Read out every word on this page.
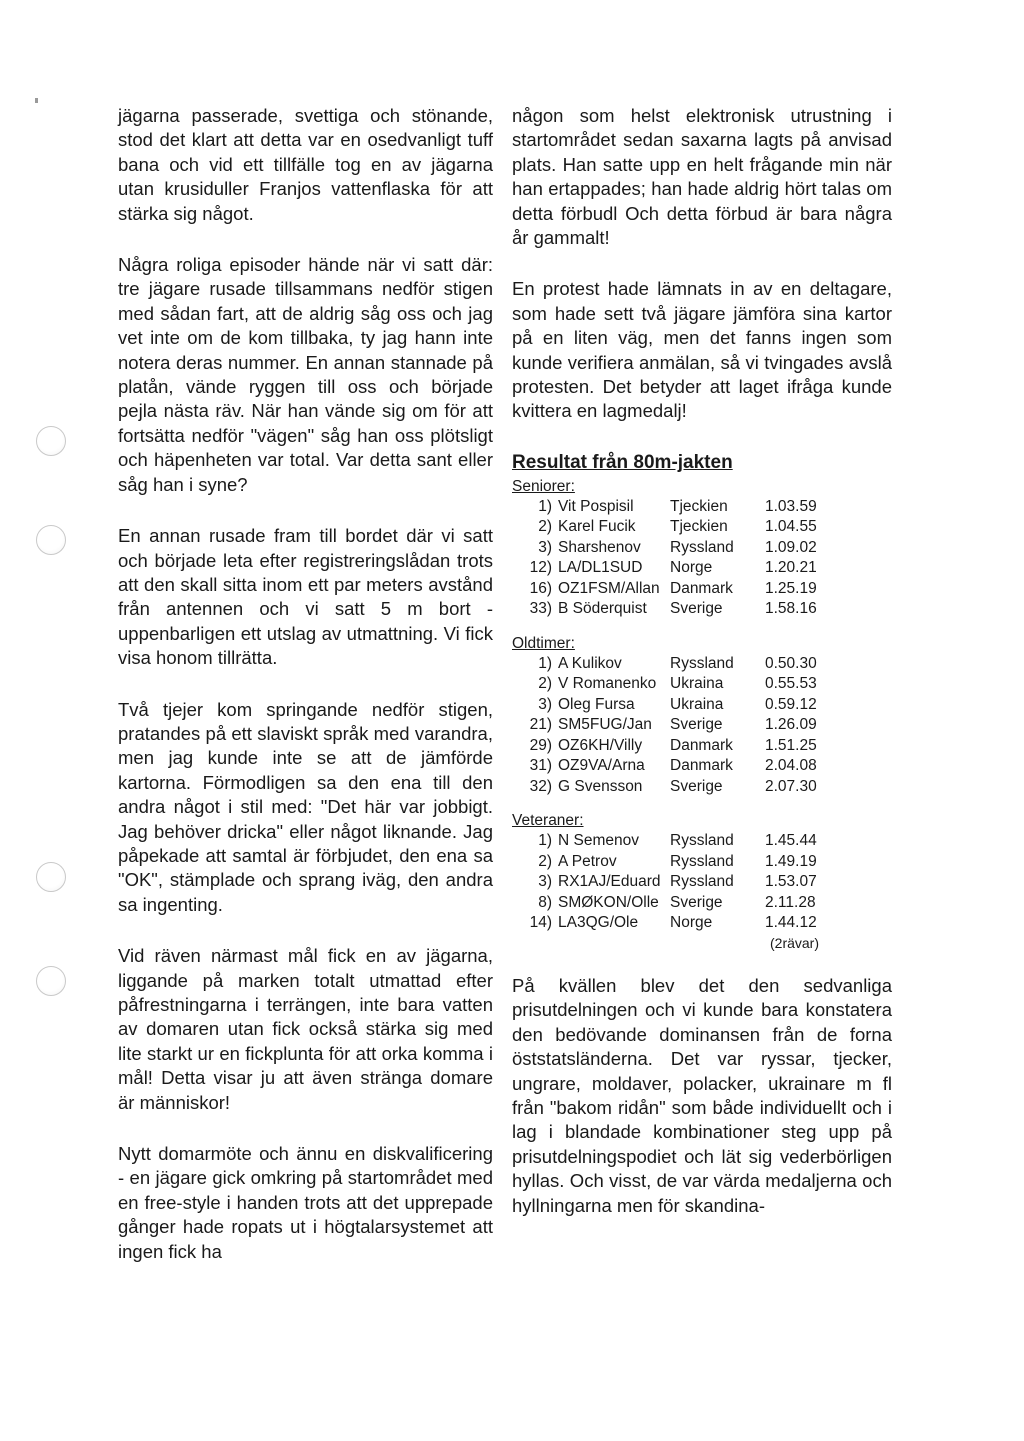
jägarna passerade, svettiga och stönande, stod det klart att detta var en osedvanligt tuff bana och vid ett tillfälle tog en av jägarna utan krusiduller Franjos vattenflaska för att stärka sig något.

Några roliga episoder hände när vi satt där: tre jägare rusade tillsammans nedför stigen med sådan fart, att de aldrig såg oss och jag vet inte om de kom tillbaka, ty jag hann inte notera deras nummer. En annan stannade på platån, vände ryggen till oss och började pejla nästa räv. När han vände sig om för att fortsätta nedför "vägen" såg han oss plötsligt och häpenheten var total. Var detta sant eller såg han i syne?

En annan rusade fram till bordet där vi satt och började leta efter registreringslådan trots att den skall sitta inom ett par meters avstånd från antennen och vi satt 5 m bort - uppenbarligen ett utslag av utmattning. Vi fick visa honom tillrätta.

Två tjejer kom springande nedför stigen, pratandes på ett slaviskt språk med varandra, men jag kunde inte se att de jämförde kartorna. Förmodligen sa den ena till den andra något i stil med: "Det här var jobbigt. Jag behöver dricka" eller något liknande. Jag påpekade att samtal är förbjudet, den ena sa "OK", stämplade och sprang iväg, den andra sa ingenting.

Vid räven närmast mål fick en av jägarna, liggande på marken totalt utmattad efter påfrestningarna i terrängen, inte bara vatten av domaren utan fick också stärka sig med lite starkt ur en fickplunta för att orka komma i mål! Detta visar ju att även stränga domare är människor!

Nytt domarmöte och ännu en diskvalificering - en jägare gick omkring på startområdet med en free-style i handen trots att det upprepade gånger hade ropats ut i högtalarsystemet att ingen fick ha

någon som helst elektronisk utrustning i startområdet sedan saxarna lagts på anvisad plats. Han satte upp en helt frågande min när han ertappades; han hade aldrig hört talas om detta förbudl Och detta förbud är bara några år gammalt!

En protest hade lämnats in av en deltagare, som hade sett två jägare jämföra sina kartor på en liten väg, men det fanns ingen som kunde verifiera anmälan, så vi tvingades avslå protesten. Det betyder att laget ifråga kunde kvittera en lagmedalj!

Resultat från 80m-jakten
Seniorer:
1)	Vit Pospisil	Tjeckien	1.03.59
2)	Karel Fucik	Tjeckien	1.04.55
3)	Sharshenov	Ryssland	1.09.02
12)	LA/DL1SUD	Norge	1.20.21
16)	OZ1FSM/Allan	Danmark	1.25.19
33)	B Söderquist	Sverige	1.58.16
Oldtimer:
1)	A Kulikov	Ryssland	0.50.30
2)	V Romanenko	Ukraina	0.55.53
3)	Oleg Fursa	Ukraina	0.59.12
21)	SM5FUG/Jan	Sverige	1.26.09
29)	OZ6KH/Villy	Danmark	1.51.25
31)	OZ9VA/Arna	Danmark	2.04.08
32)	G Svensson	Sverige	2.07.30
Veteraner:
1)	N Semenov	Ryssland	1.45.44
2)	A Petrov	Ryssland	1.49.19
3)	RX1AJ/Eduard	Ryssland	1.53.07
8)	SMØKON/Olle	Sverige	2.11.28
14)	LA3QG/Ole	Norge	1.44.12
(2rävar)

På kvällen blev det den sedvanliga prisutdelningen och vi kunde bara konstatera den bedövande dominansen från de forna öststatsländerna. Det var ryssar, tjecker, ungrare, moldaver, polacker, ukrainare m fl från "bakom ridån" som både individuellt och i lag i blandade kombinationer steg upp på prisutdelningspodiet och lät sig vederbörligen hyllas. Och visst, de var värda medaljerna och hyllningarna men för skandina-
